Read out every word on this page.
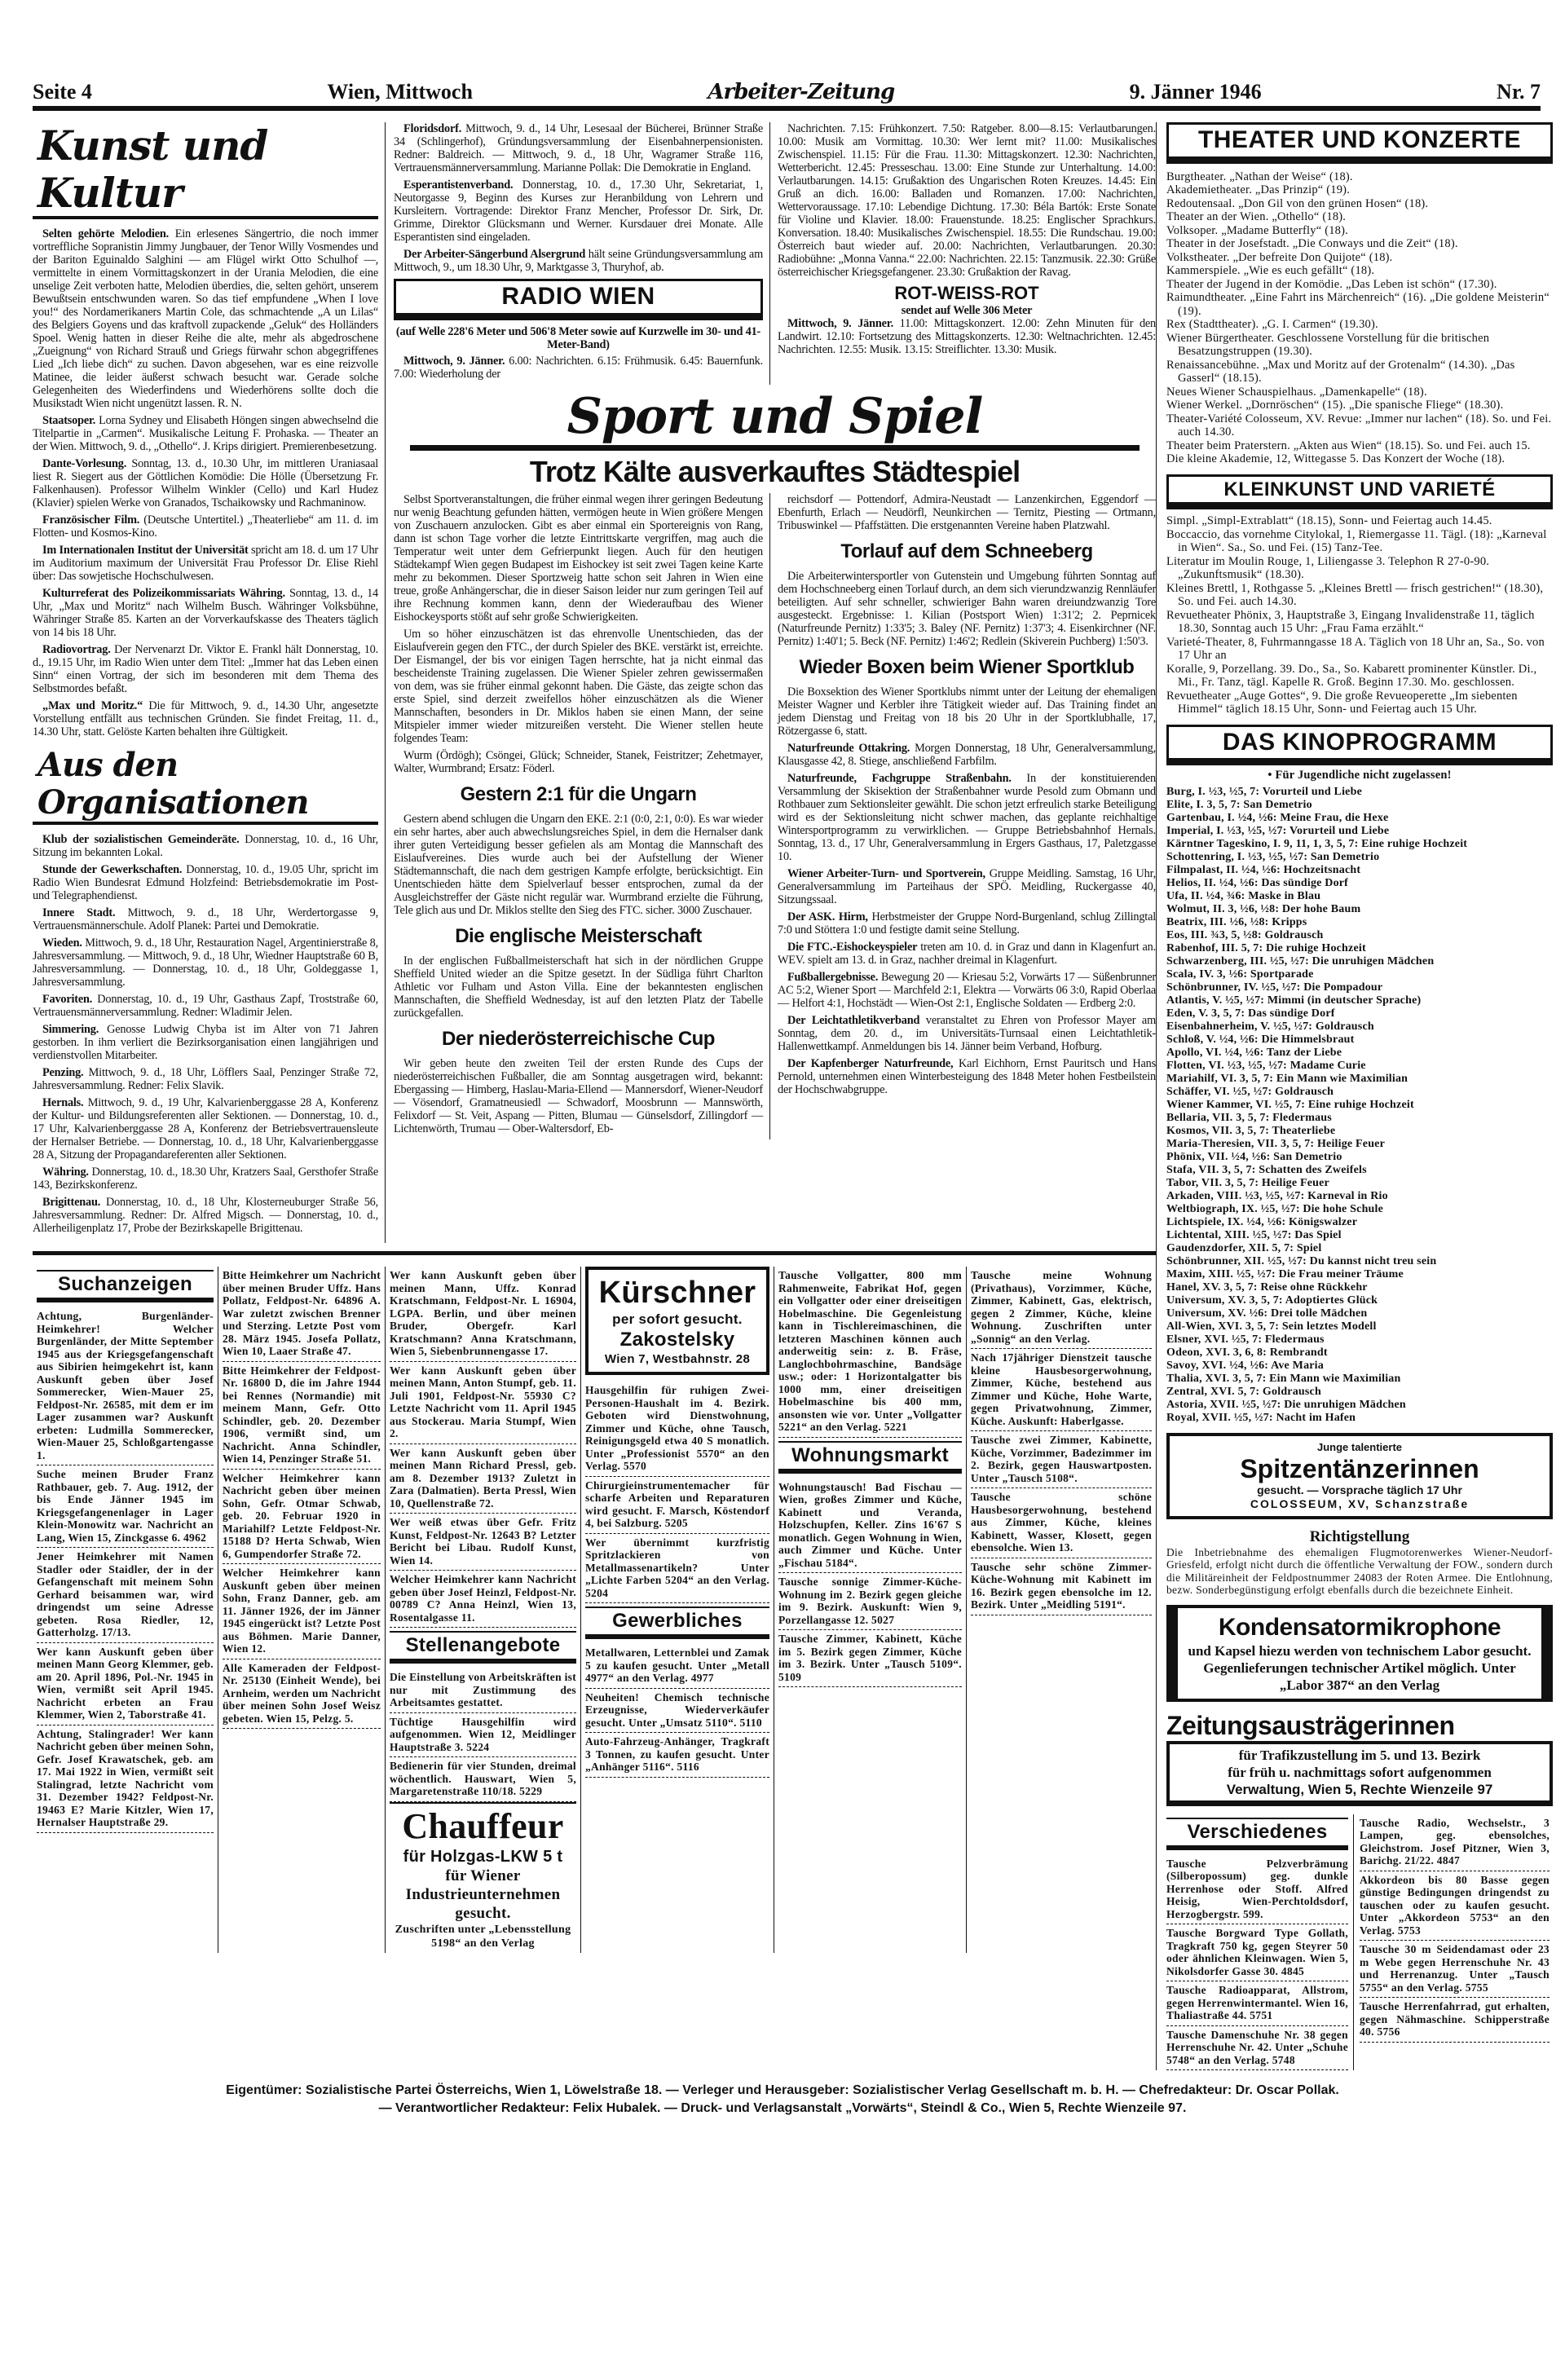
Seite 4	Wien, Mittwoch	Arbeiter-Zeitung	9. Jänner 1946	Nr. 7
Kunst und Kultur

Selten gehörte Melodien. Ein erlesenes Sängertrio, die noch immer vortreffliche Sopranistin Jimmy Jungbauer, der Tenor Willy Vosmendes und der Bariton Eguinaldo Salghini — am Flügel wirkt Otto Schulhof —, vermittelte in einem Vormittagskonzert in der Urania Melodien, die eine unselige Zeit verboten hatte, Melodien überdies, die, selten gehört, unserem Bewußtsein entschwunden waren. So das tief empfundene „When I love you!“ des Nordamerikaners Martin Cole, das schmachtende „A un Lilas“ des Belgiers Goyens und das kraftvoll zupackende „Geluk“ des Holländers Spoel. Wenig hatten in dieser Reihe die alte, mehr als abgedroschene „Zueignung“ von Richard Strauß und Griegs fürwahr schon abgegriffenes Lied „Ich liebe dich“ zu suchen. Davon abgesehen, war es eine reizvolle Matinee, die leider äußerst schwach besucht war. Gerade solche Gelegenheiten des Wiederfindens und Wiederhörens sollte doch die Musikstadt Wien nicht ungenützt lassen. R. N.

Staatsoper. Lorna Sydney und Elisabeth Höngen singen abwechselnd die Titelpartie in „Carmen“. Musikalische Leitung F. Prohaska. — Theater an der Wien. Mittwoch, 9. d., „Othello“. J. Krips dirigiert. Premierenbesetzung.

Dante-Vorlesung. Sonntag, 13. d., 10.30 Uhr, im mittleren Uraniasaal liest R. Siegert aus der Göttlichen Komödie: Die Hölle (Übersetzung Fr. Falkenhausen). Professor Wilhelm Winkler (Cello) und Karl Hudez (Klavier) spielen Werke von Granados, Tschaikowsky und Rachmaninow.

Französischer Film. (Deutsche Untertitel.) „Theaterliebe“ am 11. d. im Flotten- und Kosmos-Kino.

Im Internationalen Institut der Universität spricht am 18. d. um 17 Uhr im Auditorium maximum der Universität Frau Professor Dr. Elise Riehl über: Das sowjetische Hochschulwesen.

Kulturreferat des Polizeikommissariats Währing. Sonntag, 13. d., 14 Uhr, „Max und Moritz“ nach Wilhelm Busch. Währinger Volksbühne, Währinger Straße 85. Karten an der Vorverkaufskasse des Theaters täglich von 14 bis 18 Uhr.

Radiovortrag. Der Nervenarzt Dr. Viktor E. Frankl hält Donnerstag, 10. d., 19.15 Uhr, im Radio Wien unter dem Titel: „Immer hat das Leben einen Sinn“ einen Vortrag, der sich im besonderen mit dem Thema des Selbstmordes befaßt.

„Max und Moritz.“ Die für Mittwoch, 9. d., 14.30 Uhr, angesetzte Vorstellung entfällt aus technischen Gründen. Sie findet Freitag, 11. d., 14.30 Uhr, statt. Gelöste Karten behalten ihre Gültigkeit.

Aus den Organisationen

Klub der sozialistischen Gemeinderäte. Donnerstag, 10. d., 16 Uhr, Sitzung im bekannten Lokal.

Stunde der Gewerkschaften. Donnerstag, 10. d., 19.05 Uhr, spricht im Radio Wien Bundesrat Edmund Holzfeind: Betriebsdemokratie im Post- und Telegraphendienst.

Innere Stadt. Mittwoch, 9. d., 18 Uhr, Werdertorgasse 9, Vertrauensmännerschule. Adolf Planek: Partei und Demokratie.

Wieden. Mittwoch, 9. d., 18 Uhr, Restauration Nagel, Argentinierstraße 8, Jahresversammlung. — Mittwoch, 9. d., 18 Uhr, Wiedner Hauptstraße 60 B, Jahresversammlung. — Donnerstag, 10. d., 18 Uhr, Goldeggasse 1, Jahresversammlung.

Favoriten. Donnerstag, 10. d., 19 Uhr, Gasthaus Zapf, Troststraße 60, Vertrauensmännerversammlung. Redner: Wladimir Jelen.

Simmering. Genosse Ludwig Chyba ist im Alter von 71 Jahren gestorben. In ihm verliert die Bezirksorganisation einen langjährigen und verdienstvollen Mitarbeiter.

Penzing. Mittwoch, 9. d., 18 Uhr, Löfflers Saal, Penzinger Straße 72, Jahresversammlung. Redner: Felix Slavik.

Hernals. Mittwoch, 9. d., 19 Uhr, Kalvarienberggasse 28 A, Konferenz der Kultur- und Bildungsreferenten aller Sektionen. — Donnerstag, 10. d., 17 Uhr, Kalvarienberggasse 28 A, Konferenz der Betriebsvertrauensleute der Hernalser Betriebe. — Donnerstag, 10. d., 18 Uhr, Kalvarienberggasse 28 A, Sitzung der Propagandareferenten aller Sektionen.

Währing. Donnerstag, 10. d., 18.30 Uhr, Kratzers Saal, Gersthofer Straße 143, Bezirkskonferenz.

Brigittenau. Donnerstag, 10. d., 18 Uhr, Klosterneuburger Straße 56, Jahresversammlung. Redner: Dr. Alfred Migsch. — Donnerstag, 10. d., Allerheiligenplatz 17, Probe der Bezirkskapelle Brigittenau.

Floridsdorf. Mittwoch, 9. d., 14 Uhr, Lesesaal der Bücherei, Brünner Straße 34 (Schlingerhof), Gründungsversammlung der Eisenbahnerpensionisten. Redner: Baldreich. — Mittwoch, 9. d., 18 Uhr, Wagramer Straße 116, Vertrauensmännerversammlung. Marianne Pollak: Die Demokratie in England.

Esperantistenverband. Donnerstag, 10. d., 17.30 Uhr, Sekretariat, 1, Neutorgasse 9, Beginn des Kurses zur Heranbildung von Lehrern und Kursleitern. Vortragende: Direktor Franz Mencher, Professor Dr. Sirk, Dr. Grimme, Direktor Glücksmann und Werner. Kursdauer drei Monate. Alle Esperantisten sind eingeladen.

Der Arbeiter-Sängerbund Alsergrund hält seine Gründungsversammlung am Mittwoch, 9., um 18.30 Uhr, 9, Marktgasse 3, Thuryhof, ab.

RADIO WIEN
(auf Welle 228'6 Meter und 506'8 Meter sowie auf Kurzwelle im 30- und 41-Meter-Band)

Mittwoch, 9. Jänner. 6.00: Nachrichten. 6.15: Frühmusik. 6.45: Bauernfunk. 7.00: Wiederholung der

Nachrichten. 7.15: Frühkonzert. 7.50: Ratgeber. 8.00—8.15: Verlautbarungen. 10.00: Musik am Vormittag. 10.30: Wer lernt mit? 11.00: Musikalisches Zwischenspiel. 11.15: Für die Frau. 11.30: Mittagskonzert. 12.30: Nachrichten, Wetterbericht. 12.45: Presseschau. 13.00: Eine Stunde zur Unterhaltung. 14.00: Verlautbarungen. 14.15: Grußaktion des Ungarischen Roten Kreuzes. 14.45: Ein Gruß an dich. 16.00: Balladen und Romanzen. 17.00: Nachrichten, Wettervoraussage. 17.10: Lebendige Dichtung. 17.30: Béla Bartók: Erste Sonate für Violine und Klavier. 18.00: Frauenstunde. 18.25: Englischer Sprachkurs. Konversation. 18.40: Musikalisches Zwischenspiel. 18.55: Die Rundschau. 19.00: Österreich baut wieder auf. 20.00: Nachrichten, Verlautbarungen. 20.30: Radiobühne: „Monna Vanna.“ 22.00: Nachrichten. 22.15: Tanzmusik. 22.30: Grüße österreichischer Kriegsgefangener. 23.30: Grußaktion der Ravag.

ROT-WEISS-ROT
sendet auf Welle 306 Meter

Mittwoch, 9. Jänner. 11.00: Mittagskonzert. 12.00: Zehn Minuten für den Landwirt. 12.10: Fortsetzung des Mittagskonzerts. 12.30: Weltnachrichten. 12.45: Nachrichten. 12.55: Musik. 13.15: Streiflichter. 13.30: Musik.

Sport und Spiel
Trotz Kälte ausverkauftes Städtespiel

Selbst Sportveranstaltungen, die früher einmal wegen ihrer geringen Bedeutung nur wenig Beachtung gefunden hätten, vermögen heute in Wien größere Mengen von Zuschauern anzulocken. Gibt es aber einmal ein Sportereignis von Rang, dann ist schon Tage vorher die letzte Eintrittskarte vergriffen, mag auch die Temperatur weit unter dem Gefrierpunkt liegen. Auch für den heutigen Städtekampf Wien gegen Budapest im Eishockey ist seit zwei Tagen keine Karte mehr zu bekommen. Dieser Sportzweig hatte schon seit Jahren in Wien eine treue, große Anhängerschar, die in dieser Saison leider nur zum geringen Teil auf ihre Rechnung kommen kann, denn der Wiederaufbau des Wiener Eishockeysports stößt auf sehr große Schwierigkeiten.

Um so höher einzuschätzen ist das ehrenvolle Unentschieden, das der Eislaufverein gegen den FTC., der durch Spieler des BKE. verstärkt ist, erreichte. Der Eismangel, der bis vor einigen Tagen herrschte, hat ja nicht einmal das bescheidenste Training zugelassen. Die Wiener Spieler zehren gewissermaßen von dem, was sie früher einmal gekonnt haben. Die Gäste, das zeigte schon das erste Spiel, sind derzeit zweifellos höher einzuschätzen als die Wiener Mannschaften, besonders in Dr. Miklos haben sie einen Mann, der seine Mitspieler immer wieder mitzureißen versteht. Die Wiener stellen heute folgendes Team:

Wurm (Ördögh); Csöngei, Glück; Schneider, Stanek, Feistritzer; Zehetmayer, Walter, Wurmbrand; Ersatz: Föderl.

Gestern 2:1 für die Ungarn

Gestern abend schlugen die Ungarn den EKE. 2:1 (0:0, 2:1, 0:0). Es war wieder ein sehr hartes, aber auch abwechslungsreiches Spiel, in dem die Hernalser dank ihrer guten Verteidigung besser gefielen als am Montag die Mannschaft des Eislaufvereines. Dies wurde auch bei der Aufstellung der Wiener Städtemannschaft, die nach dem gestrigen Kampfe erfolgte, berücksichtigt. Ein Unentschieden hätte dem Spielverlauf besser entsprochen, zumal da der Ausgleichstreffer der Gäste nicht regulär war. Wurmbrand erzielte die Führung, Tele glich aus und Dr. Miklos stellte den Sieg des FTC. sicher. 3000 Zuschauer.

Die englische Meisterschaft

In der englischen Fußballmeisterschaft hat sich in der nördlichen Gruppe Sheffield United wieder an die Spitze gesetzt. In der Südliga führt Charlton Athletic vor Fulham und Aston Villa. Eine der bekanntesten englischen Mannschaften, die Sheffield Wednesday, ist auf den letzten Platz der Tabelle zurückgefallen.

Der niederösterreichische Cup

Wir geben heute den zweiten Teil der ersten Runde des Cups der niederösterreichischen Fußballer, die am Sonntag ausgetragen wird, bekannt: Ebergassing — Himberg, Haslau-Maria-Ellend — Mannersdorf, Wiener-Neudorf — Vösendorf, Gramatneusiedl — Schwadorf, Moosbrunn — Mannswörth, Felixdorf — St. Veit, Aspang — Pitten, Blumau — Günselsdorf, Zillingdorf — Lichtenwörth, Trumau — Ober-Waltersdorf, Eb-

reichsdorf — Pottendorf, Admira-Neustadt — Lanzenkirchen, Eggendorf — Ebenfurth, Erlach — Neudörfl, Neunkirchen — Ternitz, Piesting — Ortmann, Tribuswinkel — Pfaffstätten. Die erstgenannten Vereine haben Platzwahl.

Torlauf auf dem Schneeberg

Die Arbeiterwintersportler von Gutenstein und Umgebung führten Sonntag auf dem Hochschneeberg einen Torlauf durch, an dem sich vierundzwanzig Rennläufer beteiligten. Auf sehr schneller, schwieriger Bahn waren dreiundzwanzig Tore ausgesteckt. Ergebnisse: 1. Kilian (Postsport Wien) 1:31'2; 2. Peprnicek (Naturfreunde Pernitz) 1:33'5; 3. Baley (NF. Pernitz) 1:37'3; 4. Eisenkirchner (NF. Pernitz) 1:40'1; 5. Beck (NF. Pernitz) 1:46'2; Redlein (Skiverein Puchberg) 1:50'3.

Wieder Boxen beim Wiener Sportklub

Die Boxsektion des Wiener Sportklubs nimmt unter der Leitung der ehemaligen Meister Wagner und Kerbler ihre Tätigkeit wieder auf. Das Training findet an jedem Dienstag und Freitag von 18 bis 20 Uhr in der Sportklubhalle, 17, Rötzergasse 6, statt.

Naturfreunde Ottakring. Morgen Donnerstag, 18 Uhr, Generalversammlung, Klausgasse 42, 8. Stiege, anschließend Farbfilm.

Naturfreunde, Fachgruppe Straßenbahn. In der konstituierenden Versammlung der Skisektion der Straßenbahner wurde Pesold zum Obmann und Rothbauer zum Sektionsleiter gewählt. Die schon jetzt erfreulich starke Beteiligung wird es der Sektionsleitung nicht schwer machen, das geplante reichhaltige Wintersportprogramm zu verwirklichen. — Gruppe Betriebsbahnhof Hernals. Sonntag, 13. d., 17 Uhr, Generalversammlung in Ergers Gasthaus, 17, Paletzgasse 10.

Wiener Arbeiter-Turn- und Sportverein, Gruppe Meidling. Samstag, 16 Uhr, Generalversammlung im Parteihaus der SPÖ. Meidling, Ruckergasse 40, Sitzungssaal.

Der ASK. Hirm, Herbstmeister der Gruppe Nord-Burgenland, schlug Zillingtal 7:0 und Stöttera 1:0 und festigte damit seine Stellung.

Die FTC.-Eishockeyspieler treten am 10. d. in Graz und dann in Klagenfurt an. WEV. spielt am 13. d. in Graz, nachher dreimal in Klagenfurt.

Fußballergebnisse. Bewegung 20 — Kriesau 5:2, Vorwärts 17 — Süßenbrunner AC 5:2, Wiener Sport — Marchfeld 2:1, Elektra — Vorwärts 06 3:0, Rapid Oberlaa — Helfort 4:1, Hochstädt — Wien-Ost 2:1, Englische Soldaten — Erdberg 2:0.

Der Leichtathletikverband veranstaltet zu Ehren von Professor Mayer am Sonntag, dem 20. d., im Universitäts-Turnsaal einen Leichtathletik-Hallenwettkampf. Anmeldungen bis 14. Jänner beim Verband, Hofburg.

Der Kapfenberger Naturfreunde, Karl Eichhorn, Ernst Pauritsch und Hans Pernold, unternehmen einen Winterbesteigung des 1848 Meter hohen Festbeilstein der Hochschwabgruppe.

Suchanzeigen
Achtung, Burgenländer-Heimkehrer! Welcher Burgenländer, der Mitte September 1945 aus der Kriegsgefangenschaft aus Sibirien heimgekehrt ist, kann Auskunft geben über Josef Sommerecker, Wien-Mauer 25, Feldpost-Nr. 26585, mit dem er im Lager zusammen war? Auskunft erbeten: Ludmilla Sommerecker, Wien-Mauer 25, Schloßgartengasse 1.
Suche meinen Bruder Franz Rathbauer, geb. 7. Aug. 1912, der bis Ende Jänner 1945 im Kriegsgefangenenlager in Lager Klein-Monowitz war. Nachricht an Lang, Wien 15, Zinckgasse 6. 4962
Jener Heimkehrer mit Namen Stadler oder Staidler, der in der Gefangenschaft mit meinem Sohn Gerhard beisammen war, wird dringendst um seine Adresse gebeten. Rosa Riedler, 12, Gatterholzg. 17/13.
Wer kann Auskunft geben über meinen Mann Georg Klemmer, geb. am 20. April 1896, Pol.-Nr. 1945 in Wien, vermißt seit April 1945. Nachricht erbeten an Frau Klemmer, Wien 2, Taborstraße 41.
Achtung, Stalingrader! Wer kann Nachricht geben über meinen Sohn, Gefr. Josef Krawatschek, geb. am 17. Mai 1922 in Wien, vermißt seit Stalingrad, letzte Nachricht vom 31. Dezember 1942? Feldpost-Nr. 19463 E? Marie Kitzler, Wien 17, Hernalser Hauptstraße 29.
Bitte Heimkehrer um Nachricht über meinen Bruder Uffz. Hans Pollatz, Feldpost-Nr. 64896 A. War zuletzt zwischen Brenner und Sterzing. Letzte Post vom 28. März 1945. Josefa Pollatz, Wien 10, Laaer Straße 47.
Bitte Heimkehrer der Feldpost-Nr. 16800 D, die im Jahre 1944 bei Rennes (Normandie) mit meinem Mann, Gefr. Otto Schindler, geb. 20. Dezember 1906, vermißt sind, um Nachricht. Anna Schindler, Wien 14, Penzinger Straße 51.
Welcher Heimkehrer kann Nachricht geben über meinen Sohn, Gefr. Otmar Schwab, geb. 20. Februar 1920 in Mariahilf? Letzte Feldpost-Nr. 15188 D? Herta Schwab, Wien 6, Gumpendorfer Straße 72.
Welcher Heimkehrer kann Auskunft geben über meinen Sohn, Franz Danner, geb. am 11. Jänner 1926, der im Jänner 1945 eingerückt ist? Letzte Post aus Böhmen. Marie Danner, Wien 12.
Alle Kameraden der Feldpost-Nr. 25130 (Einheit Wende), bei Arnheim, werden um Nachricht über meinen Sohn Josef Weisz gebeten. Wien 15, Pelzg. 5.
Wer kann Auskunft geben über meinen Mann, Uffz. Konrad Kratschmann, Feldpost-Nr. L 16904, LGPA. Berlin, und über meinen Bruder, Obergefr. Karl Kratschmann? Anna Kratschmann, Wien 5, Siebenbrunnengasse 17.
Wer kann Auskunft geben über meinen Mann, Anton Stumpf, geb. 11. Juli 1901, Feldpost-Nr. 55930 C? Letzte Nachricht vom 11. April 1945 aus Stockerau. Maria Stumpf, Wien 2.
Wer kann Auskunft geben über meinen Mann Richard Pressl, geb. am 8. Dezember 1913? Zuletzt in Zara (Dalmatien). Berta Pressl, Wien 10, Quellenstraße 72.
Wer weiß etwas über Gefr. Fritz Kunst, Feldpost-Nr. 12643 B? Letzter Bericht bei Libau. Rudolf Kunst, Wien 14.
Welcher Heimkehrer kann Nachricht geben über Josef Heinzl, Feldpost-Nr. 00789 C? Anna Heinzl, Wien 13, Rosentalgasse 11.
Stellenangebote
Die Einstellung von Arbeitskräften ist nur mit Zustimmung des Arbeitsamtes gestattet.
Tüchtige Hausgehilfin wird aufgenommen. Wien 12, Meidlinger Hauptstraße 3. 5224
Bedienerin für vier Stunden, dreimal wöchentlich. Hauswart, Wien 5, Margaretenstraße 110/18. 5229
Chauffeur
für Holzgas-LKW 5 t
für Wiener Industrieunternehmen gesucht.
Zuschriften unter „Lebensstellung 5198“ an den Verlag
Kürschner
per sofort gesucht.
Zakostelsky
Wien 7, Westbahnstr. 28
Hausgehilfin für ruhigen Zwei-Personen-Haushalt im 4. Bezirk. Geboten wird Dienstwohnung, Zimmer und Küche, ohne Tausch, Reinigungsgeld etwa 40 S monatlich. Unter „Professionist 5570“ an den Verlag. 5570
Chirurgieinstrumentemacher für scharfe Arbeiten und Reparaturen wird gesucht. F. Marsch, Köstendorf 4, bei Salzburg. 5205
Wer übernimmt kurzfristig Spritzlackieren von Metallmassenartikeln? Unter „Lichte Farben 5204“ an den Verlag. 5204
Gewerbliches
Metallwaren, Letternblei und Zamak 5 zu kaufen gesucht. Unter „Metall 4977“ an den Verlag. 4977
Neuheiten! Chemisch technische Erzeugnisse, Wiederverkäufer gesucht. Unter „Umsatz 5110“. 5110
Auto-Fahrzeug-Anhänger, Tragkraft 3 Tonnen, zu kaufen gesucht. Unter „Anhänger 5116“. 5116
Tausche Vollgatter, 800 mm Rahmenweite, Fabrikat Hof, gegen ein Vollgatter oder einer dreiseitigen Hobelmaschine. Die Gegenleistung kann in Tischlereimaschinen, die letzteren Maschinen können auch anderweitig sein: z. B. Fräse, Langlochbohrmaschine, Bandsäge usw.; oder: 1 Horizontalgatter bis 1000 mm, einer dreiseitigen Hobelmaschine bis 400 mm, ansonsten wie vor. Unter „Vollgatter 5221“ an den Verlag. 5221
Wohnungsmarkt
Wohnungstausch! Bad Fischau — Wien, großes Zimmer und Küche, Kabinett und Veranda, Holzschupfen, Keller. Zins 16'67 S monatlich. Gegen Wohnung in Wien, auch Zimmer und Küche. Unter „Fischau 5184“.
Tausche sonnige Zimmer-Küche-Wohnung im 2. Bezirk gegen gleiche im 9. Bezirk. Auskunft: Wien 9, Porzellangasse 12. 5027
Tausche Zimmer, Kabinett, Küche im 5. Bezirk gegen Zimmer, Küche im 3. Bezirk. Unter „Tausch 5109“. 5109
Tausche meine Wohnung (Privathaus), Vorzimmer, Küche, Zimmer, Kabinett, Gas, elektrisch, gegen 2 Zimmer, Küche, kleine Wohnung. Zuschriften unter „Sonnig“ an den Verlag.
Nach 17jähriger Dienstzeit tausche kleine Hausbesorgerwohnung, Zimmer, Küche, bestehend aus Zimmer und Küche, Hohe Warte, gegen Privatwohnung, Zimmer, Küche. Auskunft: Haberlgasse.
Tausche zwei Zimmer, Kabinette, Küche, Vorzimmer, Badezimmer im 2. Bezirk, gegen Hauswartposten. Unter „Tausch 5108“.
Tausche schöne Hausbesorgerwohnung, bestehend aus Zimmer, Küche, kleines Kabinett, Wasser, Klosett, gegen ebensolche. Wien 13.
Tausche sehr schöne Zimmer-Küche-Wohnung mit Kabinett im 16. Bezirk gegen ebensolche im 12. Bezirk. Unter „Meidling 5191“.
THEATER UND KONZERTE
Burgtheater. „Nathan der Weise“ (18).
Akademietheater. „Das Prinzip“ (19).
Redoutensaal. „Don Gil von den grünen Hosen“ (18).
Theater an der Wien. „Othello“ (18).
Volksoper. „Madame Butterfly“ (18).
Theater in der Josefstadt. „Die Conways und die Zeit“ (18).
Volkstheater. „Der befreite Don Quijote“ (18).
Kammerspiele. „Wie es euch gefällt“ (18).
Theater der Jugend in der Komödie. „Das Leben ist schön“ (17.30).
Raimundtheater. „Eine Fahrt ins Märchenreich“ (16). „Die goldene Meisterin“ (19).
Rex (Stadttheater). „G. I. Carmen“ (19.30).
Wiener Bürgertheater. Geschlossene Vorstellung für die britischen Besatzungstruppen (19.30).
Renaissancebühne. „Max und Moritz auf der Grotenalm“ (14.30). „Das Gasserl“ (18.15).
Neues Wiener Schauspielhaus. „Damenkapelle“ (18).
Wiener Werkel. „Dornröschen“ (15). „Die spanische Fliege“ (18.30).
Theater-Variété Colosseum, XV. Revue: „Immer nur lachen“ (18). So. und Fei. auch 14.30.
Theater beim Praterstern. „Akten aus Wien“ (18.15). So. und Fei. auch 15.
Die kleine Akademie, 12, Wittegasse 5. Das Konzert der Woche (18).
KLEINKUNST UND VARIETÉ
Simpl. „Simpl-Extrablatt“ (18.15), Sonn- und Feiertag auch 14.45.
Boccaccio, das vornehme Citylokal, 1, Riemergasse 11. Tägl. (18): „Karneval in Wien“. Sa., So. und Fei. (15) Tanz-Tee.
Literatur im Moulin Rouge, 1, Liliengasse 3. Telephon R 27-0-90. „Zukunftsmusik“ (18.30).
Kleines Brettl, 1, Rothgasse 5. „Kleines Brettl — frisch gestrichen!“ (18.30), So. und Fei. auch 14.30.
Revuetheater Phönix, 3, Hauptstraße 3, Eingang Invalidenstraße 11, täglich 18.30, Sonntag auch 15 Uhr: „Frau Fama erzählt.“
Varieté-Theater, 8, Fuhrmanngasse 18 A. Täglich von 18 Uhr an, Sa., So. von 17 Uhr an
Koralle, 9, Porzellang. 39. Do., Sa., So. Kabarett prominenter Künstler. Di., Mi., Fr. Tanz, tägl. Kapelle R. Groß. Beginn 17.30. Mo. geschlossen.
Revuetheater „Auge Gottes“, 9. Die große Revueoperette „Im siebenten Himmel“ täglich 18.15 Uhr, Sonn- und Feiertag auch 15 Uhr.
DAS KINOPROGRAMM
• Für Jugendliche nicht zugelassen!
Burg, I. ½3, ½5, 7: Vorurteil und Liebe
Elite, I. 3, 5, 7: San Demetrio
Gartenbau, I. ½4, ½6: Meine Frau, die Hexe
Imperial, I. ½3, ½5, ½7: Vorurteil und Liebe
Kärntner Tageskino, I. 9, 11, 1, 3, 5, 7: Eine ruhige Hochzeit
Schottenring, I. ½3, ½5, ½7: San Demetrio
Filmpalast, II. ½4, ½6: Hochzeitsnacht
Helios, II. ½4, ½6: Das sündige Dorf
Ufa, II. ½4, ¾6: Maske in Blau
Wolmut, II. 3, ½6, ½8: Der hohe Baum
Beatrix, III. ½6, ½8: Kripps
Eos, III. ¾3, 5, ½8: Goldrausch
Rabenhof, III. 5, 7: Die ruhige Hochzeit
Schwarzenberg, III. ½5, ½7: Die unruhigen Mädchen
Scala, IV. 3, ½6: Sportparade
Schönbrunner, IV. ½5, ½7: Die Pompadour
Atlantis, V. ½5, ½7: Mimmi (in deutscher Sprache)
Eden, V. 3, 5, 7: Das sündige Dorf
Eisenbahnerheim, V. ½5, ½7: Goldrausch
Schloß, V. ½4, ½6: Die Himmelsbraut
Apollo, VI. ½4, ½6: Tanz der Liebe
Flotten, VI. ½3, ½5, ½7: Madame Curie
Mariahilf, VI. 3, 5, 7: Ein Mann wie Maximilian
Schäffer, VI. ½5, ½7: Goldrausch
Wiener Kammer, VI. ½5, 7: Eine ruhige Hochzeit
Bellaria, VII. 3, 5, 7: Fledermaus
Kosmos, VII. 3, 5, 7: Theaterliebe
Maria-Theresien, VII. 3, 5, 7: Heilige Feuer
Phönix, VII. ½4, ½6: San Demetrio
Stafa, VII. 3, 5, 7: Schatten des Zweifels
Tabor, VII. 3, 5, 7: Heilige Feuer
Arkaden, VIII. ½3, ½5, ½7: Karneval in Rio
Weltbiograph, IX. ½5, ½7: Die hohe Schule
Lichtspiele, IX. ½4, ½6: Königswalzer
Lichtental, XIII. ½5, ½7: Das Spiel
Gaudenzdorfer, XII. 5, 7: Spiel
Schönbrunner, XII. ½5, ½7: Du kannst nicht treu sein
Maxim, XIII. ½5, ½7: Die Frau meiner Träume
Hanel, XV. 3, 5, 7: Reise ohne Rückkehr
Universum, XV. 3, 5, 7: Adoptiertes Glück
Universum, XV. ½6: Drei tolle Mädchen
All-Wien, XVI. 3, 5, 7: Sein letztes Modell
Elsner, XVI. ½5, 7: Fledermaus
Odeon, XVI. 3, 6, 8: Rembrandt
Savoy, XVI. ½4, ½6: Ave Maria
Thalia, XVI. 3, 5, 7: Ein Mann wie Maximilian
Zentral, XVI. 5, 7: Goldrausch
Astoria, XVII. ½5, ½7: Die unruhigen Mädchen
Royal, XVII. ½5, ½7: Nacht im Hafen
Junge talentierte
Spitzentänzerinnen
gesucht. — Vorsprache täglich 17 Uhr
COLOSSEUM, XV, Schanzstraße
Richtigstellung
Die Inbetriebnahme des ehemaligen Flugmotorenwerkes Wiener-Neudorf-Griesfeld, erfolgt nicht durch die öffentliche Verwaltung der FOW., sondern durch die Militäreinheit der Feldpostnummer 24083 der Roten Armee. Die Entlohnung, bezw. Sonderbegünstigung erfolgt ebenfalls durch die bezeichnete Einheit.
Kondensatormikrophone
und Kapsel hiezu werden von technischem Labor gesucht. Gegenlieferungen technischer Artikel möglich. Unter „Labor 387“ an den Verlag
Zeitungsausträgerinnen
für Trafikzustellung im 5. und 13. Bezirk
für früh u. nachmittags sofort aufgenommen
Verwaltung, Wien 5, Rechte Wienzeile 97
Verschiedenes
Tausche Pelzverbrämung (Silberopossum) geg. dunkle Herrenhose oder Stoff. Alfred Heisig, Wien-Perchtoldsdorf, Herzogbergstr. 599.
Tausche Borgward Type Gollath, Tragkraft 750 kg, gegen Steyrer 50 oder ähnlichen Kleinwagen. Wien 5, Nikolsdorfer Gasse 30. 4845
Tausche Radioapparat, Allstrom, gegen Herrenwintermantel. Wien 16, Thaliastraße 44. 5751
Tausche Damenschuhe Nr. 38 gegen Herrenschuhe Nr. 42. Unter „Schuhe 5748“ an den Verlag. 5748
Tausche Radio, Wechselstr., 3 Lampen, geg. ebensolches, Gleichstrom. Josef Pitzner, Wien 3, Barichg. 21/22. 4847
Akkordeon bis 80 Basse gegen günstige Bedingungen dringendst zu tauschen oder zu kaufen gesucht. Unter „Akkordeon 5753“ an den Verlag. 5753
Tausche 30 m Seidendamast oder 23 m Webe gegen Herrenschuhe Nr. 43 und Herrenanzug. Unter „Tausch 5755“ an den Verlag. 5755
Tausche Herrenfahrrad, gut erhalten, gegen Nähmaschine. Schipperstraße 40. 5756
Eigentümer: Sozialistische Partei Österreichs, Wien 1, Löwelstraße 18. — Verleger und Herausgeber: Sozialistischer Verlag Gesellschaft m. b. H. — Chefredakteur: Dr. Oscar Pollak.
— Verantwortlicher Redakteur: Felix Hubalek. — Druck- und Verlagsanstalt „Vorwärts“, Steindl & Co., Wien 5, Rechte Wienzeile 97.
